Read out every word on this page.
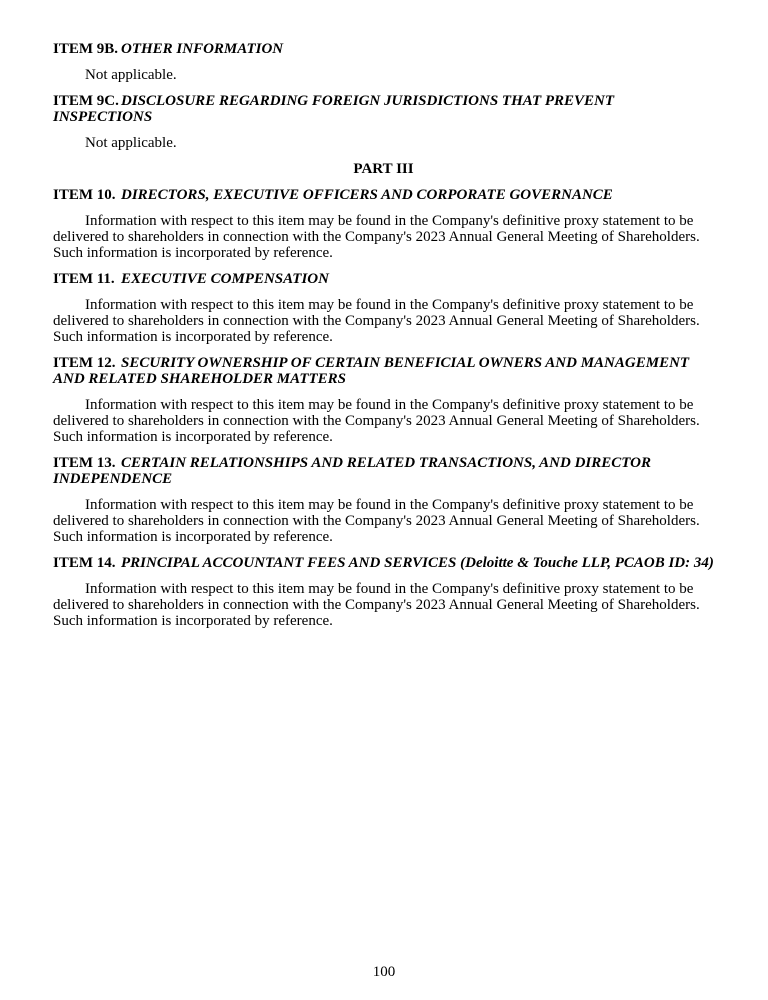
ITEM 9B. OTHER INFORMATION

Not applicable.

ITEM 9C. DISCLOSURE REGARDING FOREIGN JURISDICTIONS THAT PREVENT INSPECTIONS

Not applicable.

PART III

ITEM 10. DIRECTORS, EXECUTIVE OFFICERS AND CORPORATE GOVERNANCE

Information with respect to this item may be found in the Company's definitive proxy statement to be delivered to shareholders in connection with the Company's 2023 Annual General Meeting of Shareholders. Such information is incorporated by reference.

ITEM 11. EXECUTIVE COMPENSATION

Information with respect to this item may be found in the Company's definitive proxy statement to be delivered to shareholders in connection with the Company's 2023 Annual General Meeting of Shareholders. Such information is incorporated by reference.

ITEM 12. SECURITY OWNERSHIP OF CERTAIN BENEFICIAL OWNERS AND MANAGEMENT AND RELATED SHAREHOLDER MATTERS

Information with respect to this item may be found in the Company's definitive proxy statement to be delivered to shareholders in connection with the Company's 2023 Annual General Meeting of Shareholders. Such information is incorporated by reference.

ITEM 13. CERTAIN RELATIONSHIPS AND RELATED TRANSACTIONS, AND DIRECTOR INDEPENDENCE

Information with respect to this item may be found in the Company's definitive proxy statement to be delivered to shareholders in connection with the Company's 2023 Annual General Meeting of Shareholders. Such information is incorporated by reference.

ITEM 14. PRINCIPAL ACCOUNTANT FEES AND SERVICES (Deloitte & Touche LLP, PCAOB ID: 34)

Information with respect to this item may be found in the Company's definitive proxy statement to be delivered to shareholders in connection with the Company's 2023 Annual General Meeting of Shareholders. Such information is incorporated by reference.

100
